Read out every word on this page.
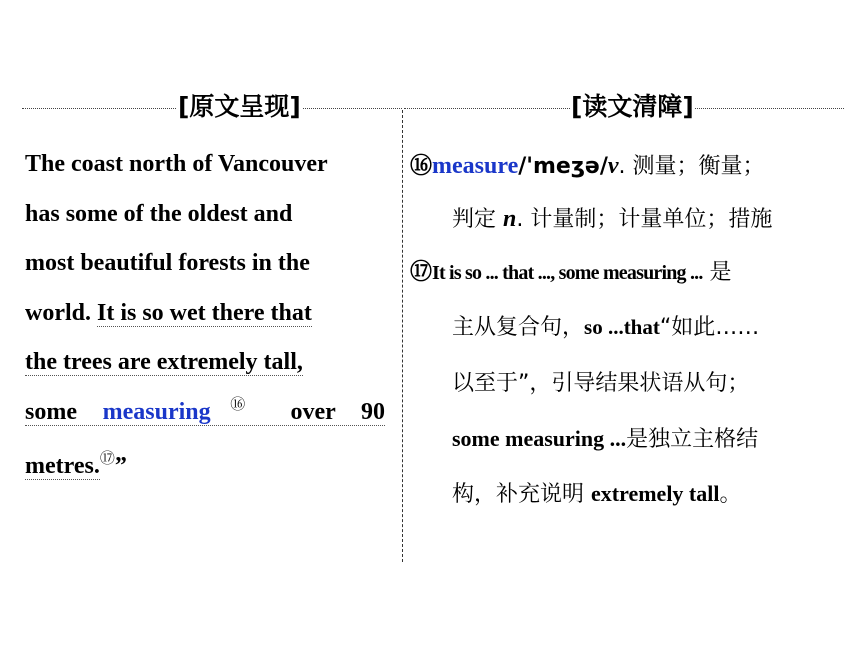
[原文呈现]	[读文清障]
The coast north of Vancouver
has some of the oldest and
most beautiful forests in the
world. It is so wet there that
the trees are extremely tall,
some measuring⑯ over 90
metres.⑰”
⑯measure/'meʒə/v. 测量；衡量；
判定 n. 计量制；计量单位；措施
⑰It is so ... that ..., some measuring ... 是
主从复合句，so ...that“如此……
以至于”，引导结果状语从句；
some measuring ...是独立主格结
构，补充说明 extremely tall。
